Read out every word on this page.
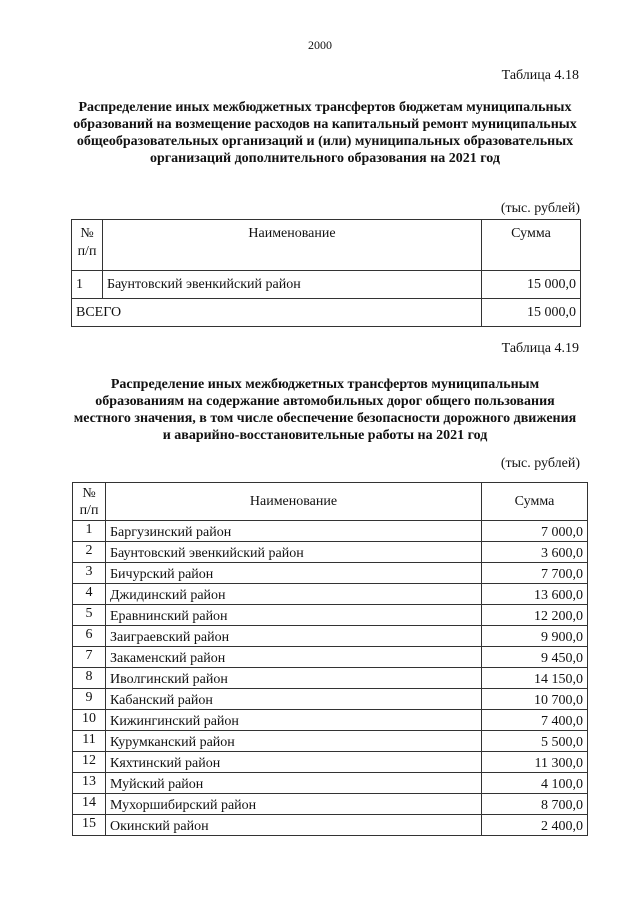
2000
Таблица 4.18
Распределение иных межбюджетных трансфертов бюджетам муниципальных образований на возмещение расходов на капитальный ремонт муниципальных общеобразовательных организаций и (или) муниципальных образовательных организаций дополнительного образования на 2021 год
(тыс. рублей)
№ п/п	Наименование	Сумма
1	Баунтовский эвенкийский район	15 000,0
ВСЕГО		15 000,0
Таблица 4.19
Распределение иных межбюджетных трансфертов муниципальным образованиям на содержание автомобильных дорог общего пользования местного значения, в том числе обеспечение безопасности дорожного движения и аварийно-восстановительные работы на 2021 год
(тыс. рублей)
№ п/п	Наименование	Сумма
1	Баргузинский район	7 000,0
2	Баунтовский эвенкийский район	3 600,0
3	Бичурский район	7 700,0
4	Джидинский район	13 600,0
5	Еравнинский район	12 200,0
6	Заиграевский район	9 900,0
7	Закаменский район	9 450,0
8	Иволгинский район	14 150,0
9	Кабанский район	10 700,0
10	Кижингинский район	7 400,0
11	Курумканский район	5 500,0
12	Кяхтинский район	11 300,0
13	Муйский район	4 100,0
14	Мухоршибирский район	8 700,0
15	Окинский район	2 400,0
